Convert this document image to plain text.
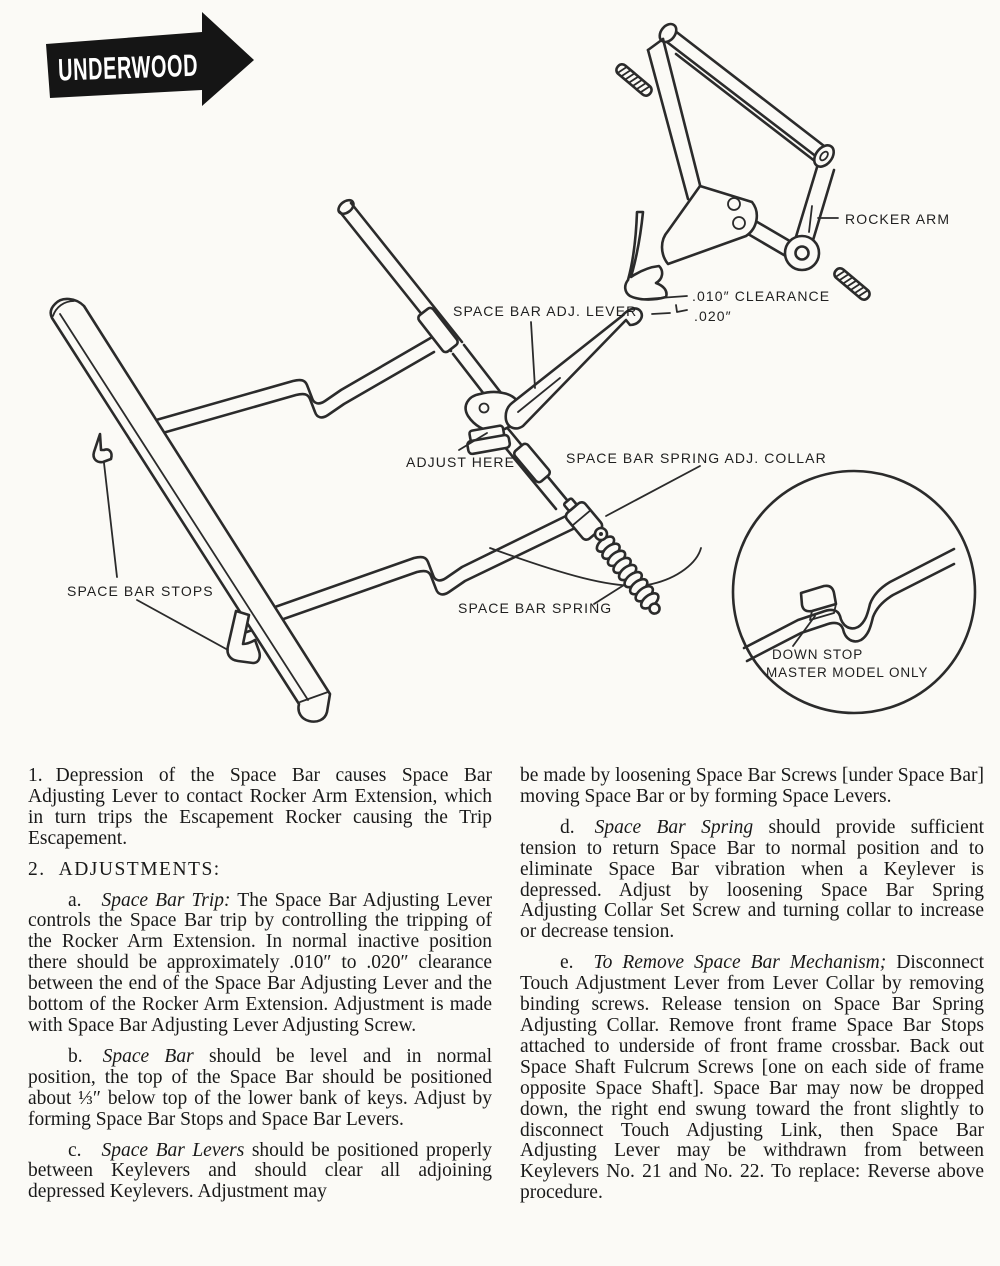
DOWN STOP
MASTER MODEL ONLY
SPACE BAR ADJ. LEVER
ROCKER ARM
.010″ CLEARANCE
.020″
ADJUST HERE	SPACE BAR SPRING ADJ. COLLAR
SPACE BAR STOPS
SPACE BAR SPRING
UNDERWOOD

1. Depression of the Space Bar causes Space Bar Adjusting Lever to contact Rocker Arm Extension, which in turn trips the Escapement Rocker causing the Trip Escapement.

2. ADJUSTMENTS:

a. Space Bar Trip: The Space Bar Adjusting Lever controls the Space Bar trip by controlling the tripping of the Rocker Arm Extension. In normal inactive position there should be approximately .010″ to .020″ clearance between the end of the Space Bar Adjusting Lever and the bottom of the Rocker Arm Extension. Adjustment is made with Space Bar Adjusting Lever Adjusting Screw.

b. Space Bar should be level and in normal position, the top of the Space Bar should be positioned about ⅓″ below top of the lower bank of keys. Adjust by forming Space Bar Stops and Space Bar Levers.

c. Space Bar Levers should be positioned properly between Keylevers and should clear all adjoining depressed Keylevers. Adjustment may

be made by loosening Space Bar Screws [under Space Bar] moving Space Bar or by forming Space Levers.

d. Space Bar Spring should provide sufficient tension to return Space Bar to normal position and to eliminate Space Bar vibration when a Keylever is depressed. Adjust by loosening Space Bar Spring Adjusting Collar Set Screw and turning collar to increase or decrease tension.

e. To Remove Space Bar Mechanism; Disconnect Touch Adjustment Lever from Lever Collar by removing binding screws. Release tension on Space Bar Spring Adjusting Collar. Remove front frame Space Bar Stops attached to underside of front frame crossbar. Back out Space Shaft Fulcrum Screws [one on each side of frame opposite Space Shaft]. Space Bar may now be dropped down, the right end swung toward the front slightly to disconnect Touch Adjusting Link, then Space Bar Adjusting Lever may be withdrawn from between Keylevers No. 21 and No. 22. To replace: Reverse above procedure.
